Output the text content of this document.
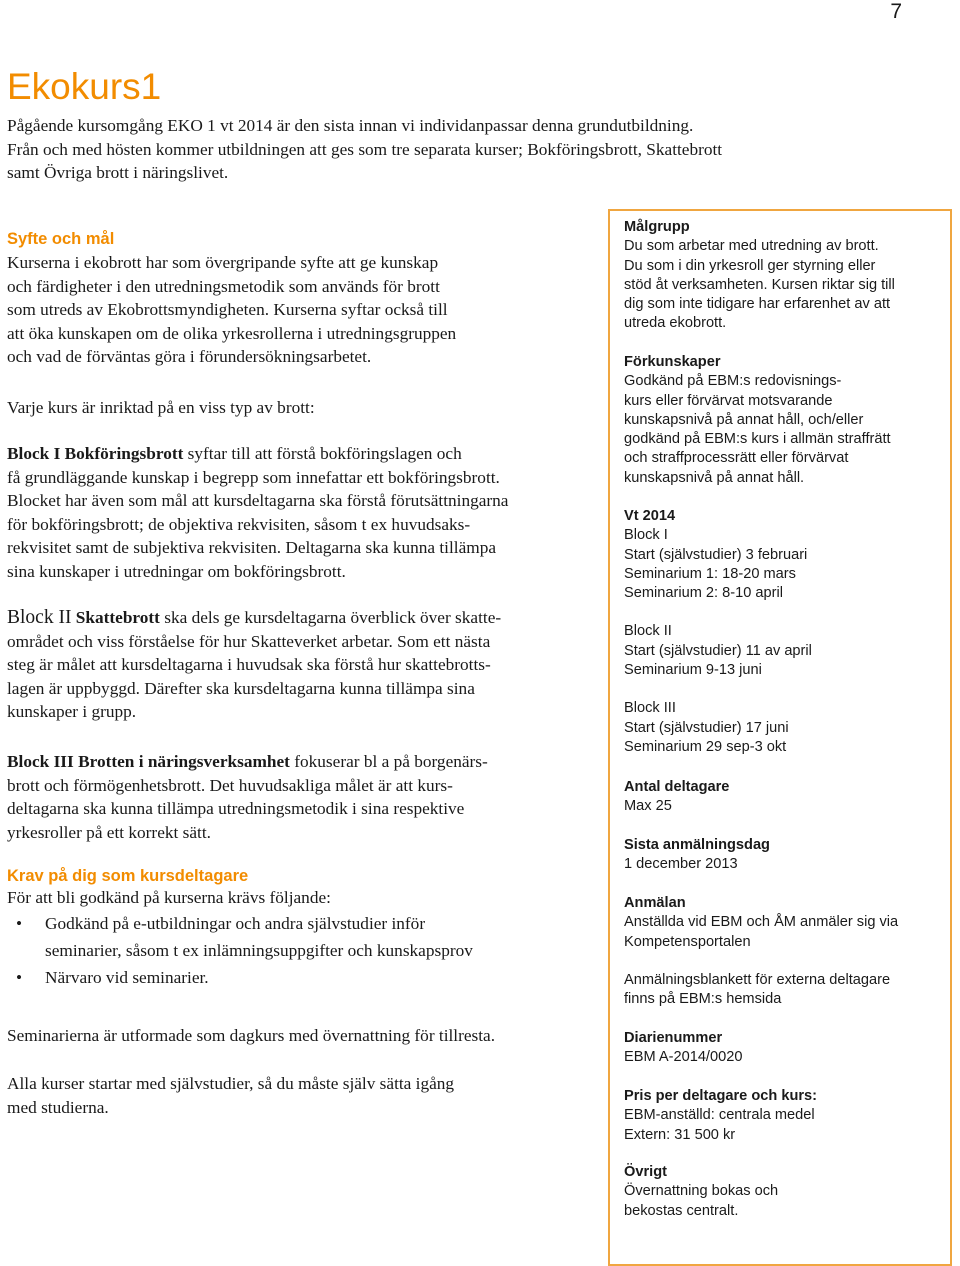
7
Ekokurs1
Pågående kursomgång EKO 1 vt 2014 är den sista innan vi individanpassar denna grundutbildning.
Från och med hösten kommer utbildningen att ges som tre separata kurser; Bokföringsbrott, Skattebrott
samt Övriga brott i näringslivet.
Syfte och mål
Kurserna i ekobrott har som övergripande syfte att ge kunskap
och färdigheter i den utredningsmetodik som används för brott
som utreds av Ekobrottsmyndigheten. Kurserna syftar också till
att öka kunskapen om de olika yrkesrollerna i utredningsgruppen
och vad de förväntas göra i förundersökningsarbetet.
Varje kurs är inriktad på en viss typ av brott:
Block I Bokföringsbrott syftar till att förstå bokföringslagen och
få grundläggande kunskap i begrepp som innefattar ett bokföringsbrott.
Blocket har även som mål att kursdeltagarna ska förstå förutsättningarna
för bokföringsbrott; de objektiva rekvisiten, såsom t ex huvudsaks-
rekvisitet samt de subjektiva rekvisiten. Deltagarna ska kunna tillämpa
sina kunskaper i utredningar om bokföringsbrott.
Block II Skattebrott ska dels ge kursdeltagarna överblick över skatte-
området och viss förståelse för hur Skatteverket arbetar. Som ett nästa
steg är målet att kursdeltagarna i huvudsak ska förstå hur skattebrotts-
lagen är uppbyggd. Därefter ska kursdeltagarna kunna tillämpa sina
kunskaper i grupp.
Block III Brotten i näringsverksamhet fokuserar bl a på borgenärs-
brott och förmögenhetsbrott. Det huvudsakliga målet är att kurs-
deltagarna ska kunna tillämpa utredningsmetodik i sina respektive
yrkesroller på ett korrekt sätt.
Krav på dig som kursdeltagare
För att bli godkänd på kurserna krävs följande:
• Godkänd på e-utbildningar och andra självstudier inför
seminarier, såsom t ex inlämningsuppgifter och kunskapsprov
• Närvaro vid seminarier.
Seminarierna är utformade som dagkurs med övernattning för tillresta.
Alla kurser startar med självstudier, så du måste själv sätta igång
med studierna.
Målgrupp
Du som arbetar med utredning av brott.
Du som i din yrkesroll ger styrning eller
stöd åt verksamheten. Kursen riktar sig till
dig som inte tidigare har erfarenhet av att
utreda ekobrott.
Förkunskaper
Godkänd på EBM:s redovisnings-
kurs eller förvärvat motsvarande
kunskapsnivå på annat håll, och/eller
godkänd på EBM:s kurs i allmän straffrätt
och straffprocessrätt eller förvärvat
kunskapsnivå på annat håll.
Vt 2014
Block I
Start (självstudier) 3 februari
Seminarium 1: 18-20 mars
Seminarium 2: 8-10 april
Block II
Start (självstudier) 11 av april
Seminarium 9-13 juni
Block III
Start (självstudier) 17 juni
Seminarium 29 sep-3 okt
Antal deltagare
Max 25
Sista anmälningsdag
1 december 2013
Anmälan
Anställda vid EBM och ÅM anmäler sig via
Kompetensportalen
Anmälningsblankett för externa deltagare
finns på EBM:s hemsida
Diarienummer
EBM A-2014/0020
Pris per deltagare och kurs:
EBM-anställd: centrala medel
Extern: 31 500 kr
Övrigt
Övernattning bokas och
bekostas centralt.
